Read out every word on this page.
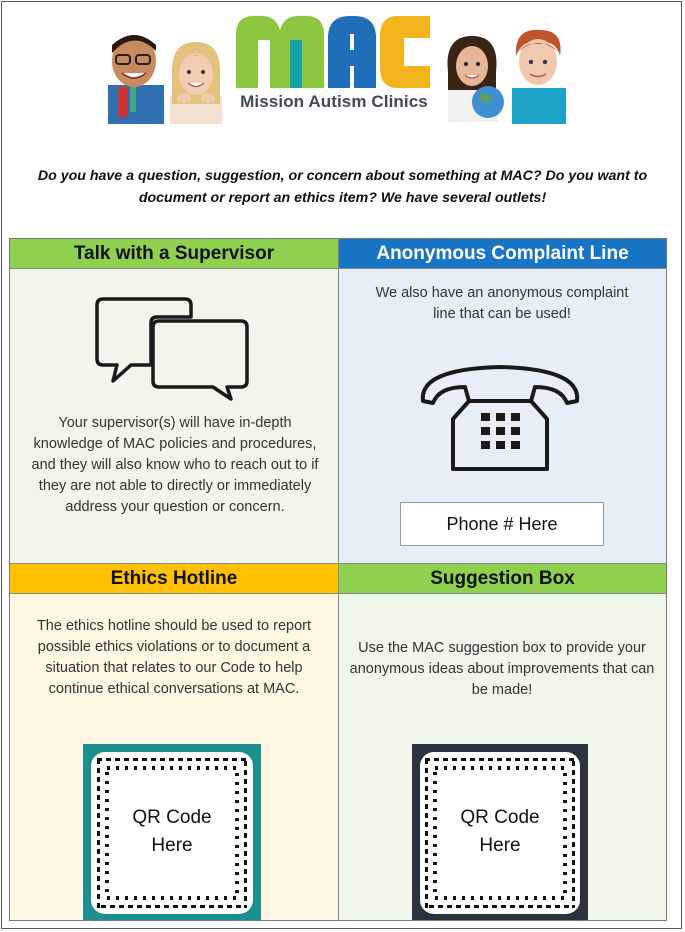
Mission Autism Clinics
Do you have a question, suggestion, or concern about something at MAC? Do you want to document or report an ethics item? We have several outlets!
Talk with a Supervisor
Your supervisor(s) will have in-depth knowledge of MAC policies and procedures, and they will also know who to reach out to if they are not able to directly or immediately address your question or concern.
Anonymous Complaint Line
We also have an anonymous complaint line that can be used!
Phone # Here
Ethics Hotline
The ethics hotline should be used to report possible ethics violations or to document a situation that relates to our Code to help continue ethical conversations at MAC.
QR Code
Here
Suggestion Box
Use the MAC suggestion box to provide your anonymous ideas about improvements that can be made!
QR Code
Here
